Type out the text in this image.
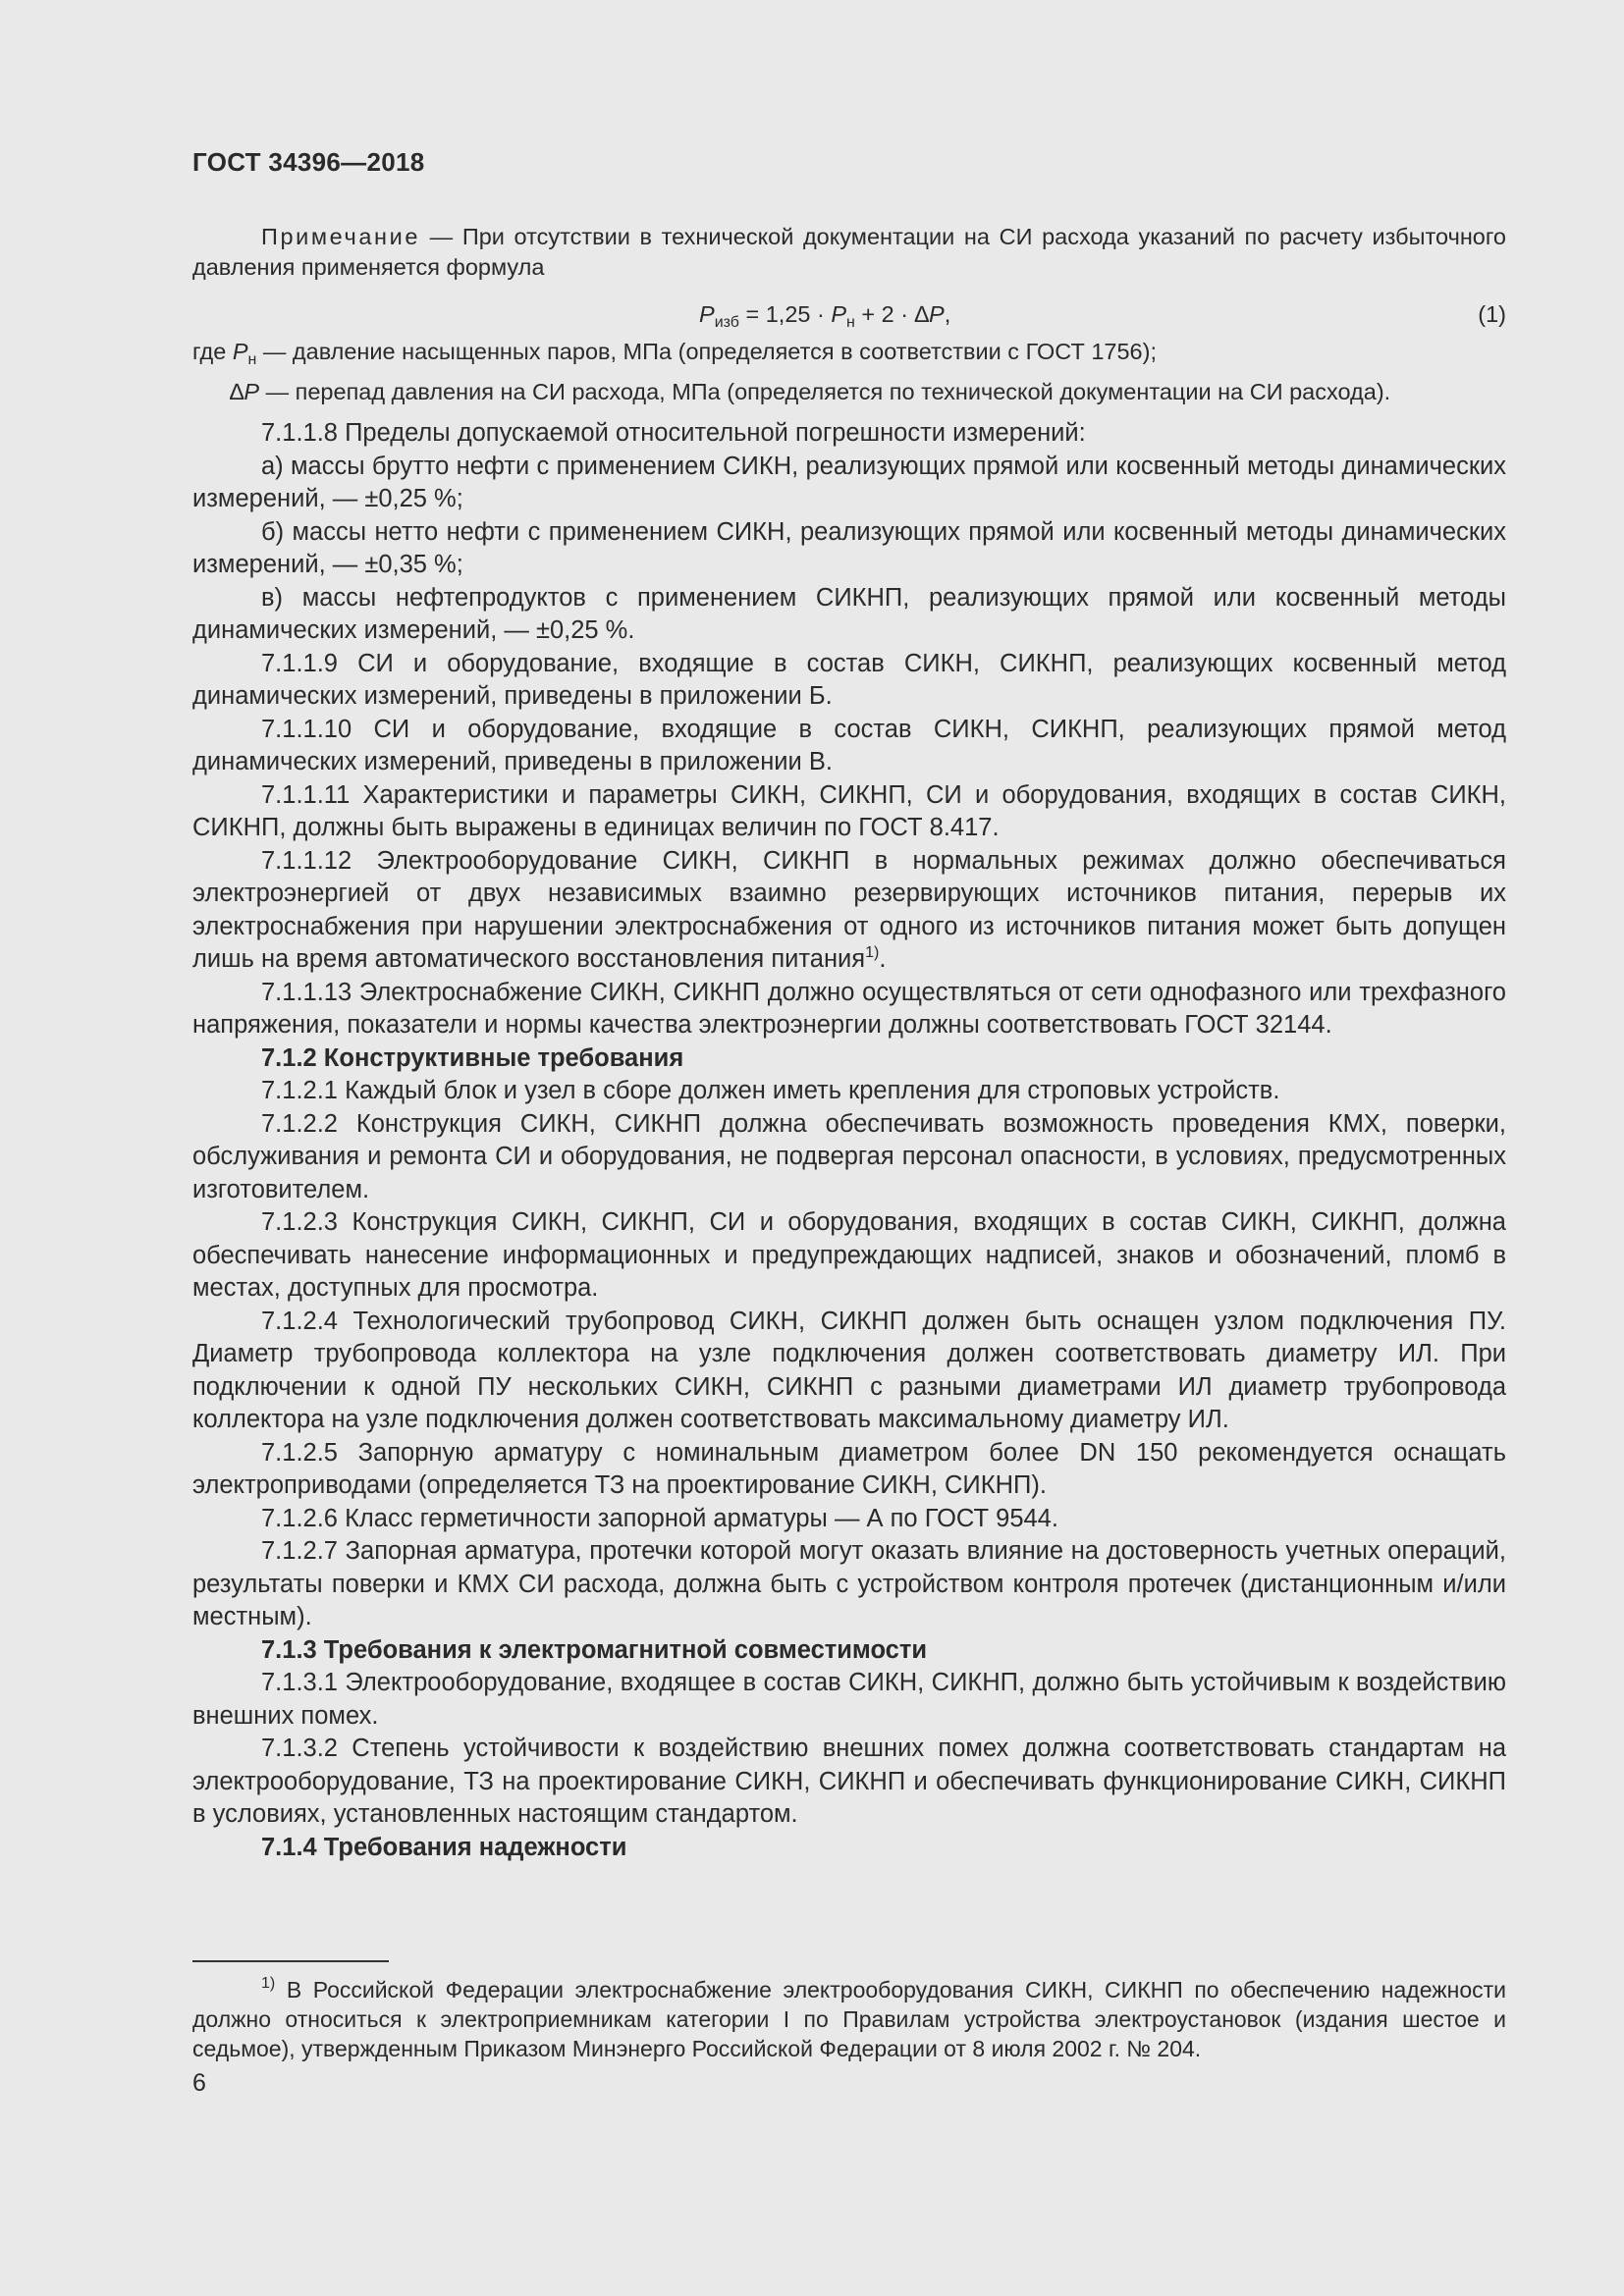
ГОСТ 34396—2018

Примечание — При отсутствии в технической документации на СИ расхода указаний по расчету избыточного давления применяется формула

$P_{изб} = 1,25 \cdot P_н + 2 \cdot \Delta P$,	(1)
где $P_н$ — давление насыщенных паров, МПа (определяется в соответствии с ГОСТ 1756);
∆P — перепад давления на СИ расхода, МПа (определяется по технической документации на СИ расхода).

7.1.1.8 Пределы допускаемой относительной погрешности измерений:

а) массы брутто нефти с применением СИКН, реализующих прямой или косвенный методы динамических измерений, — ±0,25 %;

б) массы нетто нефти с применением СИКН, реализующих прямой или косвенный методы динамических измерений, — ±0,35 %;

в) массы нефтепродуктов с применением СИКНП, реализующих прямой или косвенный методы динамических измерений, — ±0,25 %.

7.1.1.9 СИ и оборудование, входящие в состав СИКН, СИКНП, реализующих косвенный метод динамических измерений, приведены в приложении Б.

7.1.1.10 СИ и оборудование, входящие в состав СИКН, СИКНП, реализующих прямой метод динамических измерений, приведены в приложении В.

7.1.1.11 Характеристики и параметры СИКН, СИКНП, СИ и оборудования, входящих в состав СИКН, СИКНП, должны быть выражены в единицах величин по ГОСТ 8.417.

7.1.1.12 Электрооборудование СИКН, СИКНП в нормальных режимах должно обеспечиваться электроэнергией от двух независимых взаимно резервирующих источников питания, перерыв их электроснабжения при нарушении электроснабжения от одного из источников питания может быть допущен лишь на время автоматического восстановления питания$^{1)}$.

7.1.1.13 Электроснабжение СИКН, СИКНП должно осуществляться от сети однофазного или трехфазного напряжения, показатели и нормы качества электроэнергии должны соответствовать ГОСТ 32144.

7.1.2 Конструктивные требования

7.1.2.1 Каждый блок и узел в сборе должен иметь крепления для строповых устройств.

7.1.2.2 Конструкция СИКН, СИКНП должна обеспечивать возможность проведения КМХ, поверки, обслуживания и ремонта СИ и оборудования, не подвергая персонал опасности, в условиях, предусмотренных изготовителем.

7.1.2.3 Конструкция СИКН, СИКНП, СИ и оборудования, входящих в состав СИКН, СИКНП, должна обеспечивать нанесение информационных и предупреждающих надписей, знаков и обозначений, пломб в местах, доступных для просмотра.

7.1.2.4 Технологический трубопровод СИКН, СИКНП должен быть оснащен узлом подключения ПУ. Диаметр трубопровода коллектора на узле подключения должен соответствовать диаметру ИЛ. При подключении к одной ПУ нескольких СИКН, СИКНП с разными диаметрами ИЛ диаметр трубопровода коллектора на узле подключения должен соответствовать максимальному диаметру ИЛ.

7.1.2.5 Запорную арматуру с номинальным диаметром более DN 150 рекомендуется оснащать электроприводами (определяется ТЗ на проектирование СИКН, СИКНП).

7.1.2.6 Класс герметичности запорной арматуры — А по ГОСТ 9544.

7.1.2.7 Запорная арматура, протечки которой могут оказать влияние на достоверность учетных операций, результаты поверки и КМХ СИ расхода, должна быть с устройством контроля протечек (дистанционным и/или местным).

7.1.3 Требования к электромагнитной совместимости

7.1.3.1 Электрооборудование, входящее в состав СИКН, СИКНП, должно быть устойчивым к воздействию внешних помех.

7.1.3.2 Степень устойчивости к воздействию внешних помех должна соответствовать стандартам на электрооборудование, ТЗ на проектирование СИКН, СИКНП и обеспечивать функционирование СИКН, СИКНП в условиях, установленных настоящим стандартом.

7.1.4 Требования надежности

$^{1)}$ В Российской Федерации электроснабжение электрооборудования СИКН, СИКНП по обеспечению надежности должно относиться к электроприемникам категории I по Правилам устройства электроустановок (издания шестое и седьмое), утвержденным Приказом Минэнерго Российской Федерации от 8 июля 2002 г. № 204.
6
